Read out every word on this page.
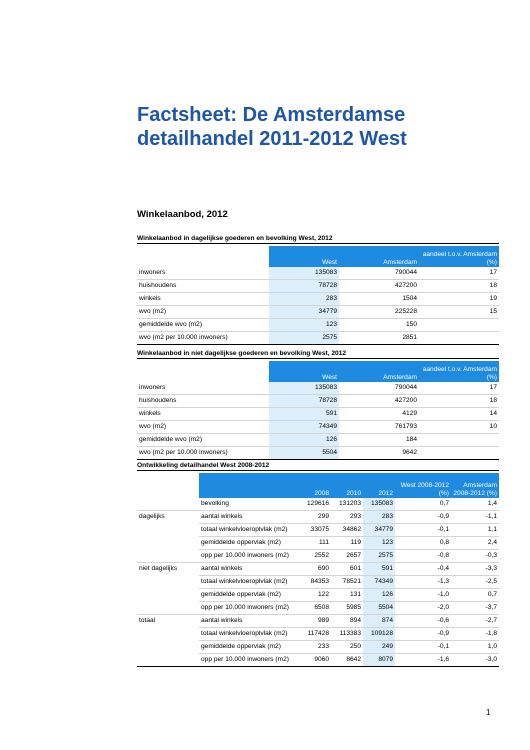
Factsheet: De Amsterdamse detailhandel 2011-2012 West
Winkelaanbod, 2012

Winkelaanbod in dagelijkse goederen en bevolking West, 2012

	West	Amsterdam	aandeel t.o.v. Amsterdam (%)
inwoners	135083	790044	17
huishoudens	78728	427200	18
winkels	283	1504	19
wvo (m2)	34779	225228	15
gemiddelde wvo (m2)	123	150	
wvo (m2 per 10.000 inwoners)	2575	2851	

Winkelaanbod in niet dagelijkse goederen en bevolking West, 2012

	West	Amsterdam	aandeel t.o.v. Amsterdam (%)
inwoners	135083	790044	17
huishoudens	78728	427200	18
winkels	591	4129	14
wvo (m2)	74349	761793	10
gemiddelde wvo (m2)	126	184	
wvo (m2 per 10.000 inwoners)	5504	9642	

Ontwikkeling detailhandel West 2008-2012

		2008	2010	2012	West 2008-2012 (%)	Amsterdam 2008-2012 (%)
	bevolking	129616	131203	135083	0,7	1,4
dagelijks	aantal winkels	299	293	283	-0,9	-1,1
	totaal winkelvloeroplvlak (m2)	33075	34862	34779	-0,1	1,1
	gemiddelde oppervlak (m2)	111	119	123	0,8	2,4
	opp per 10.000 inwoners (m2)	2552	2657	2575	-0,8	-0,3
niet dagelijks	aantal winkels	690	601	591	-0,4	-3,3
	totaal winkelvloeroplvlak (m2)	84353	78521	74349	-1,3	-2,5
	gemiddelde oppervlak (m2)	122	131	126	-1,0	0,7
	opp per 10.000 inwoners (m2)	6508	5985	5504	-2,0	-3,7
totaal	aantal winkels	989	894	874	-0,6	-2,7
	totaal winkelvloeroplvlak (m2)	117428	113383	109128	-0,9	-1,8
	gemiddelde oppervlak (m2)	233	250	249	-0,1	1,0
	opp per 10.000 inwoners (m2)	9060	8642	8079	-1,6	-3,0
1
